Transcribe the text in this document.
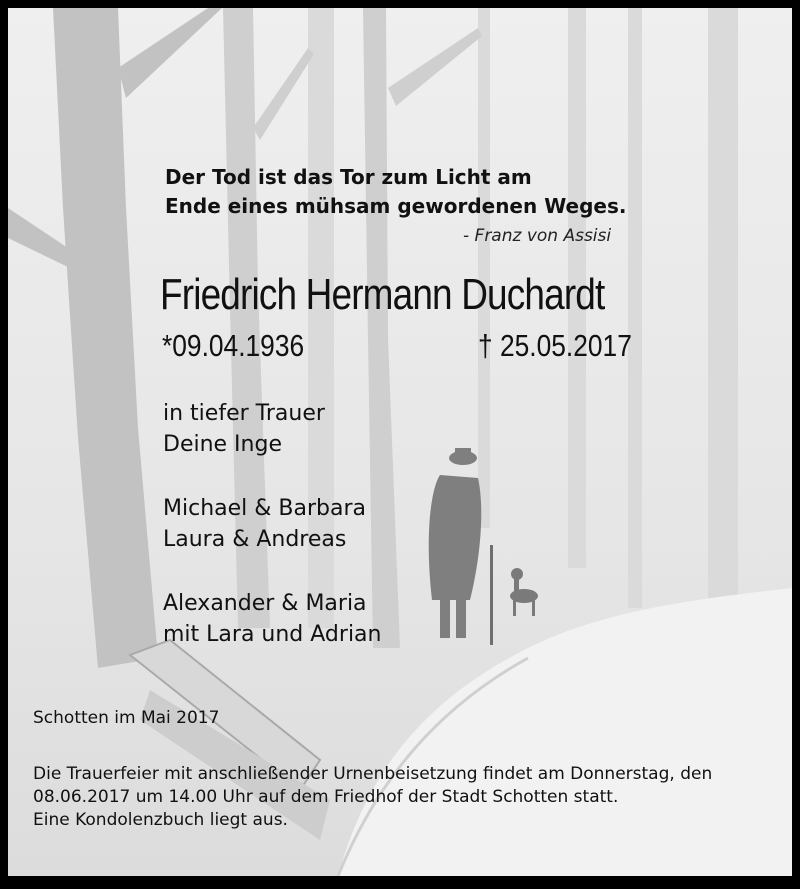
Der Tod ist das Tor zum Licht am
Ende eines mühsam gewordenen Weges.
- Franz von Assisi
Friedrich Hermann Duchardt
*09.04.1936	† 25.05.2017
in tiefer Trauer
Deine Inge
Michael & Barbara
Laura & Andreas
Alexander & Maria
mit Lara und Adrian
Schotten im Mai 2017
Die Trauerfeier mit anschließender Urnenbeisetzung findet am Donnerstag, den
08.06.2017 um 14.00 Uhr auf dem Friedhof der Stadt Schotten statt.
Eine Kondolenzbuch liegt aus.
